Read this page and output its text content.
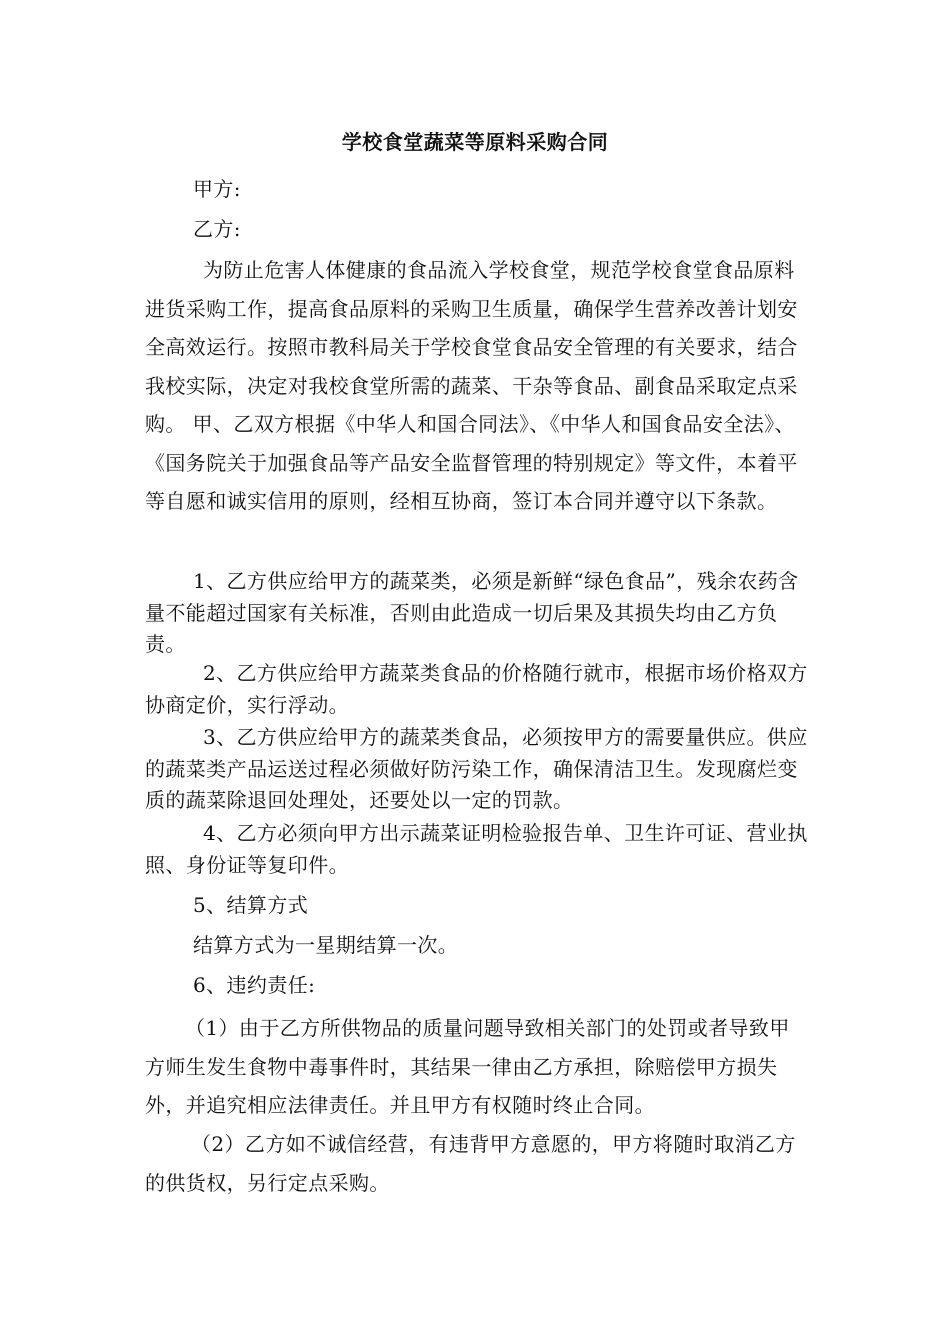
学校食堂蔬菜等原料采购合同

甲方:

乙方:

为防止危害人体健康的食品流入学校食堂，规范学校食堂食品原料进货采购工作，提高食品原料的采购卫生质量，确保学生营养改善计划安全高效运行。按照市教科局关于学校食堂食品安全管理的有关要求，结合我校实际，决定对我校食堂所需的蔬菜、干杂等食品、副食品采取定点采购。 甲、乙双方根据《中华人和国合同法》、《中华人和国食品安全法》、《国务院关于加强食品等产品安全监督管理的特别规定》等文件，本着平等自愿和诚实信用的原则，经相互协商，签订本合同并遵守以下条款。

1、乙方供应给甲方的蔬菜类，必须是新鲜“绿色食品”，残余农药含量不能超过国家有关标准，否则由此造成一切后果及其损失均由乙方负责。

2、乙方供应给甲方蔬菜类食品的价格随行就市，根据市场价格双方协商定价，实行浮动。

3、乙方供应给甲方的蔬菜类食品，必须按甲方的需要量供应。供应的蔬菜类产品运送过程必须做好防污染工作，确保清洁卫生。发现腐烂变质的蔬菜除退回处理处，还要处以一定的罚款。

4、乙方必须向甲方出示蔬菜证明检验报告单、卫生许可证、营业执照、身份证等复印件。

5、结算方式

结算方式为一星期结算一次。

6、违约责任:

（1）由于乙方所供物品的质量问题导致相关部门的处罚或者导致甲方师生发生食物中毒事件时，其结果一律由乙方承担，除赔偿甲方损失外，并追究相应法律责任。并且甲方有权随时终止合同。

（2）乙方如不诚信经营，有违背甲方意愿的，甲方将随时取消乙方的供货权，另行定点采购。
